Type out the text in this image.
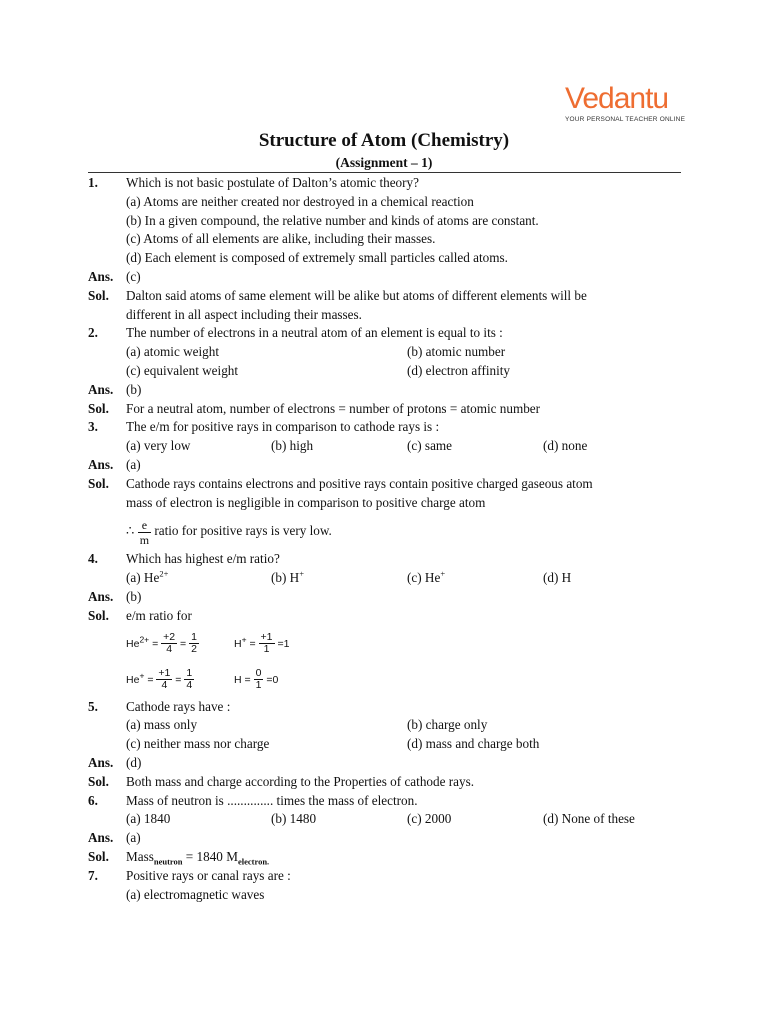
Vedantu
YOUR PERSONAL TEACHER ONLINE
Structure of Atom (Chemistry)
(Assignment – 1)
1. Which is not basic postulate of Dalton’s atomic theory?
(a) Atoms are neither created nor destroyed in a chemical reaction
(b) In a given compound, the relative number and kinds of atoms are constant.
(c) Atoms of all elements are alike, including their masses.
(d) Each element is composed of extremely small particles called atoms.
Ans. (c)
Sol. Dalton said atoms of same element will be alike but atoms of different elements will be
different in all aspect including their masses.
2. The number of electrons in a neutral atom of an element is equal to its :
(a) atomic weight	(b) atomic number
(c) equivalent weight	(d) electron affinity
Ans. (b)
Sol. For a neutral atom, number of electrons = number of protons = atomic number
3. The e/m for positive rays in comparison to cathode rays is :
(a) very low	(b) high	(c) same	(d) none
Ans. (a)
Sol. Cathode rays contains electrons and positive rays contain positive charged gaseous atom
mass of electron is negligible in comparison to positive charge atom
∴ $\frac{e}{m}$ ratio for positive rays is very low.
4. Which has highest e/m ratio?
(a) $He^{2+}$	(b) H+	(c) He+	(d) H
Ans. (b)
Sol. e/m ratio for
$He^{2+} = \frac{+2}{4} = \frac{1}{2}$	$H^+ = \frac{+1}{1} =1$
$He^+ = \frac{+1}{4} = \frac{1}{4}$	$H = \frac{0}{1} =0$
5. Cathode rays have :
(a) mass only	(b) charge only
(c) neither mass nor charge	(d) mass and charge both
Ans. (d)
Sol. Both mass and charge according to the Properties of cathode rays.
6. Mass of neutron is .............. times the mass of electron.
(a) 1840	(b) 1480	(c) 2000	(d) None of these
Ans. (a)
Sol. Mass$_{neutron}$ = 1840 $M_{electron.}$
7. Positive rays or canal rays are :
(a) electromagnetic waves
